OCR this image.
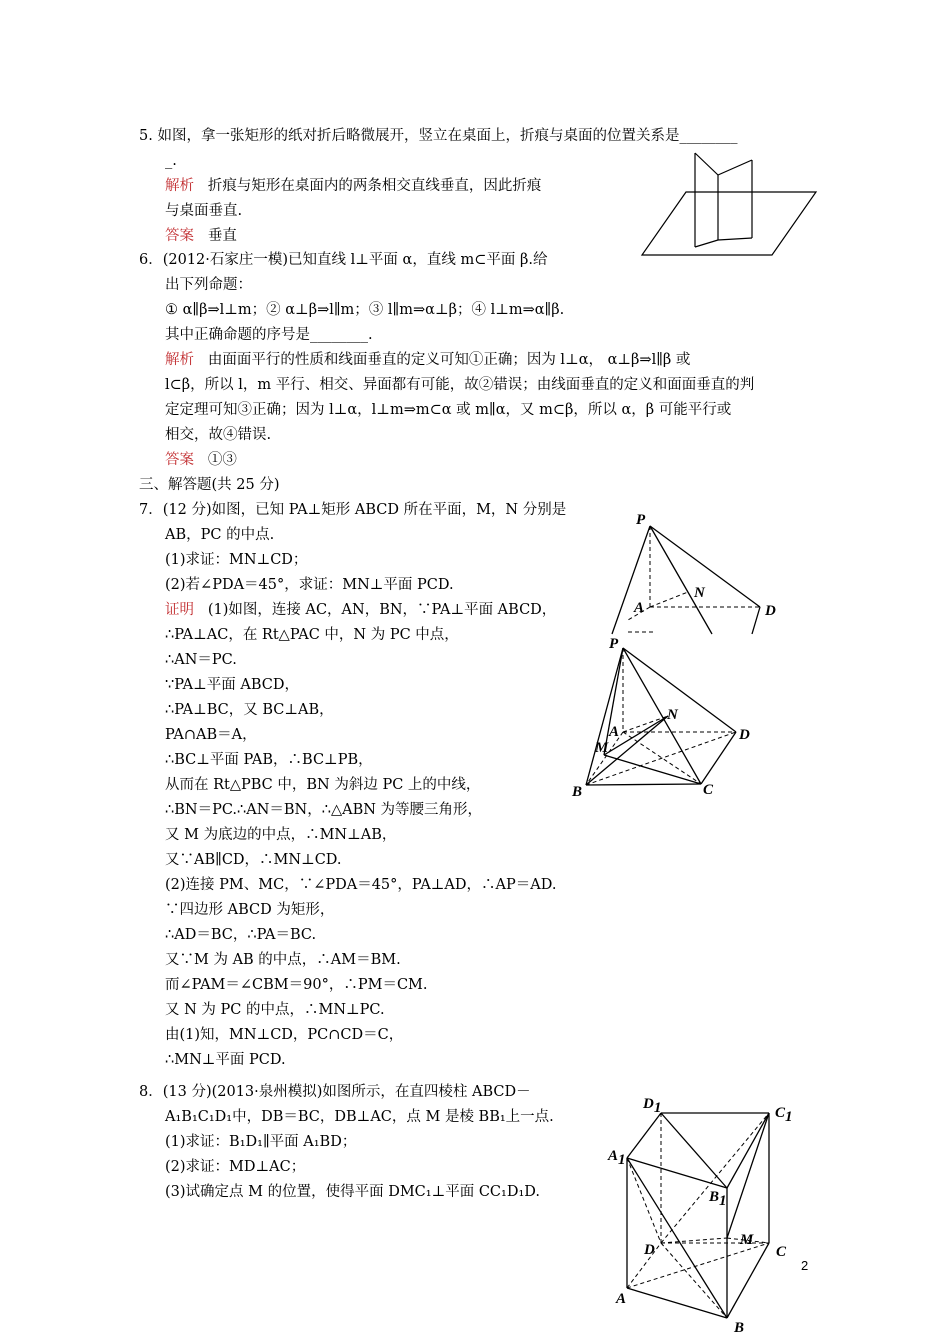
5. 如图，拿一张矩形的纸对折后略微展开，竖立在桌面上，折痕与桌面的位置关系是________
_.
解析 折痕与矩形在桌面内的两条相交直线垂直，因此折痕
与桌面垂直.
答案 垂直
6．(2012·石家庄一模)已知直线 l⊥平面 α，直线 m⊂平面 β.给
出下列命题：
① α∥β⇒l⊥m；② α⊥β⇒l∥m；③ l∥m⇒α⊥β；④ l⊥m⇒α∥β.
其中正确命题的序号是________.
解析 由面面平行的性质和线面垂直的定义可知①正确；因为 l⊥α， α⊥β⇒l∥β 或
l⊂β，所以 l，m 平行、相交、异面都有可能，故②错误；由线面垂直的定义和面面垂直的判
定定理可知③正确；因为 l⊥α，l⊥m⇒m⊂α 或 m∥α，又 m⊂β，所以 α，β 可能平行或
相交，故④错误.
答案 ①③
三、解答题(共 25 分)
7．(12 分)如图，已知 PA⊥矩形 ABCD 所在平面，M，N 分别是
AB，PC 的中点.
(1)求证：MN⊥CD；
(2)若∠PDA＝45°，求证：MN⊥平面 PCD.
证明 (1)如图，连接 AC，AN，BN，∵PA⊥平面 ABCD，
∴PA⊥AC，在 Rt△PAC 中，N 为 PC 中点，
∴AN＝PC.
∵PA⊥平面 ABCD，
∴PA⊥BC，又 BC⊥AB，
PA∩AB＝A，
∴BC⊥平面 PAB，∴BC⊥PB，
从而在 Rt△PBC 中，BN 为斜边 PC 上的中线，
∴BN＝PC.∴AN＝BN，∴△ABN 为等腰三角形，
又 M 为底边的中点，∴MN⊥AB，
又∵AB∥CD，∴MN⊥CD.
(2)连接 PM、MC，∵∠PDA＝45°，PA⊥AD，∴AP＝AD.
∵四边形 ABCD 为矩形，
∴AD＝BC，∴PA＝BC.
又∵M 为 AB 的中点，∴AM＝BM.
而∠PAM＝∠CBM＝90°，∴PM＝CM.
又 N 为 PC 的中点，∴MN⊥PC.
由(1)知，MN⊥CD，PC∩CD＝C，
∴MN⊥平面 PCD.
P
A
N
D
P
A
N
M
D
B	C
8．(13 分)(2013·泉州模拟)如图所示，在直四棱柱 ABCD－
A₁B₁C₁D₁中，DB＝BC，DB⊥AC，点 M 是棱 BB₁上一点.
(1)求证：B₁D₁∥平面 A₁BD；
(2)求证：MD⊥AC；
(3)试确定点 M 的位置，使得平面 DMC₁⊥平面 CC₁D₁D.
D1	C1
A1
B1
D
M
C
A
B
2
